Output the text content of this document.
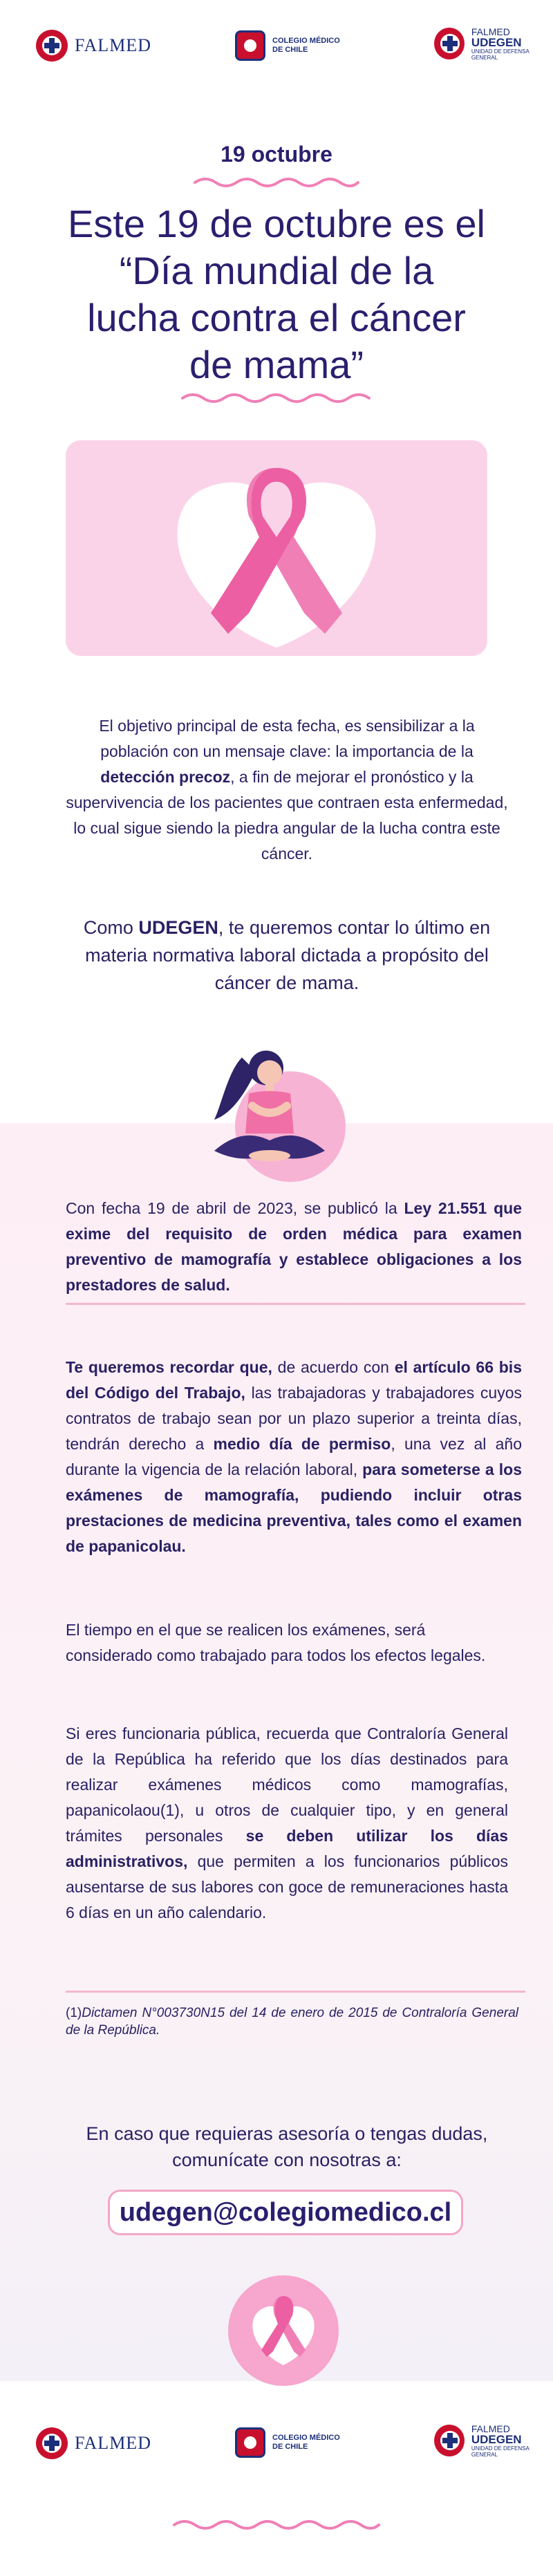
FALMED	COLEGIO MÉDICO
DE CHILE
FALMED
UDEGEN
UNIDAD DE DEFENSA GENERAL
19 octubre
Este 19 de octubre es el
“Día mundial de la
lucha contra el cáncer
de mama”
El objetivo principal de esta fecha, es sensibilizar a la población con un mensaje clave: la importancia de la detección precoz, a fin de mejorar el pronóstico y la supervivencia de los pacientes que contraen esta enfermedad, lo cual sigue siendo la piedra angular de la lucha contra este cáncer.
Como UDEGEN, te queremos contar lo último en materia normativa laboral dictada a propósito del cáncer de mama.
Con fecha 19 de abril de 2023, se publicó la Ley 21.551 que exime del requisito de orden médica para examen preventivo de mamografía y establece obligaciones a los prestadores de salud.
Te queremos recordar que, de acuerdo con el artículo 66 bis del Código del Trabajo, las trabajadoras y trabajadores cuyos contratos de trabajo sean por un plazo superior a treinta días, tendrán derecho a medio día de permiso, una vez al año durante la vigencia de la relación laboral, para someterse a los exámenes de mamografía, pudiendo incluir otras prestaciones de medicina preventiva, tales como el examen de papanicolau.
El tiempo en el que se realicen los exámenes, será considerado como trabajado para todos los efectos legales.
Si eres funcionaria pública, recuerda que Contraloría General de la República ha referido que los días destinados para realizar exámenes médicos como mamografías, papanicolaou(1), u otros de cualquier tipo, y en general trámites personales se deben utilizar los días administrativos, que permiten a los funcionarios públicos ausentarse de sus labores con goce de remuneraciones hasta 6 días en un año calendario.
(1)Dictamen N°003730N15 del 14 de enero de 2015 de Contraloría General de la República.
En caso que requieras asesoría o tengas dudas, comunícate con nosotras a:
udegen@colegiomedico.cl
FALMED	COLEGIO MÉDICO
DE CHILE
FALMED
UDEGEN
UNIDAD DE DEFENSA GENERAL
